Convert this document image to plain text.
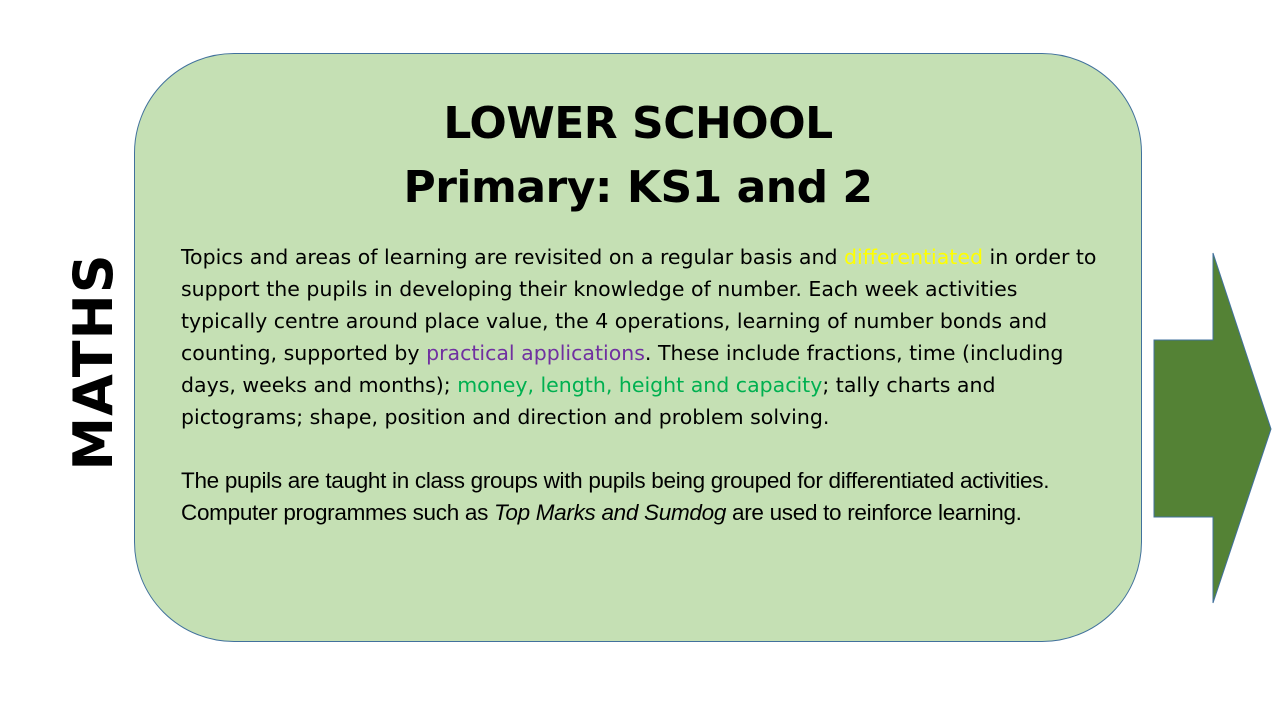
MATHS
LOWER SCHOOL
Primary: KS1 and 2
Topics and areas of learning are revisited on a regular basis and differentiated in order to support the pupils in developing their knowledge of number. Each week activities typically centre around place value, the 4 operations, learning of number bonds and counting, supported by practical applications. These include fractions, time (including days, weeks and months); money, length, height and capacity; tally charts and pictograms; shape, position and direction and problem solving.
The pupils are taught in class groups with pupils being grouped for differentiated activities. Computer programmes such as Top Marks and Sumdog are used to reinforce learning.
